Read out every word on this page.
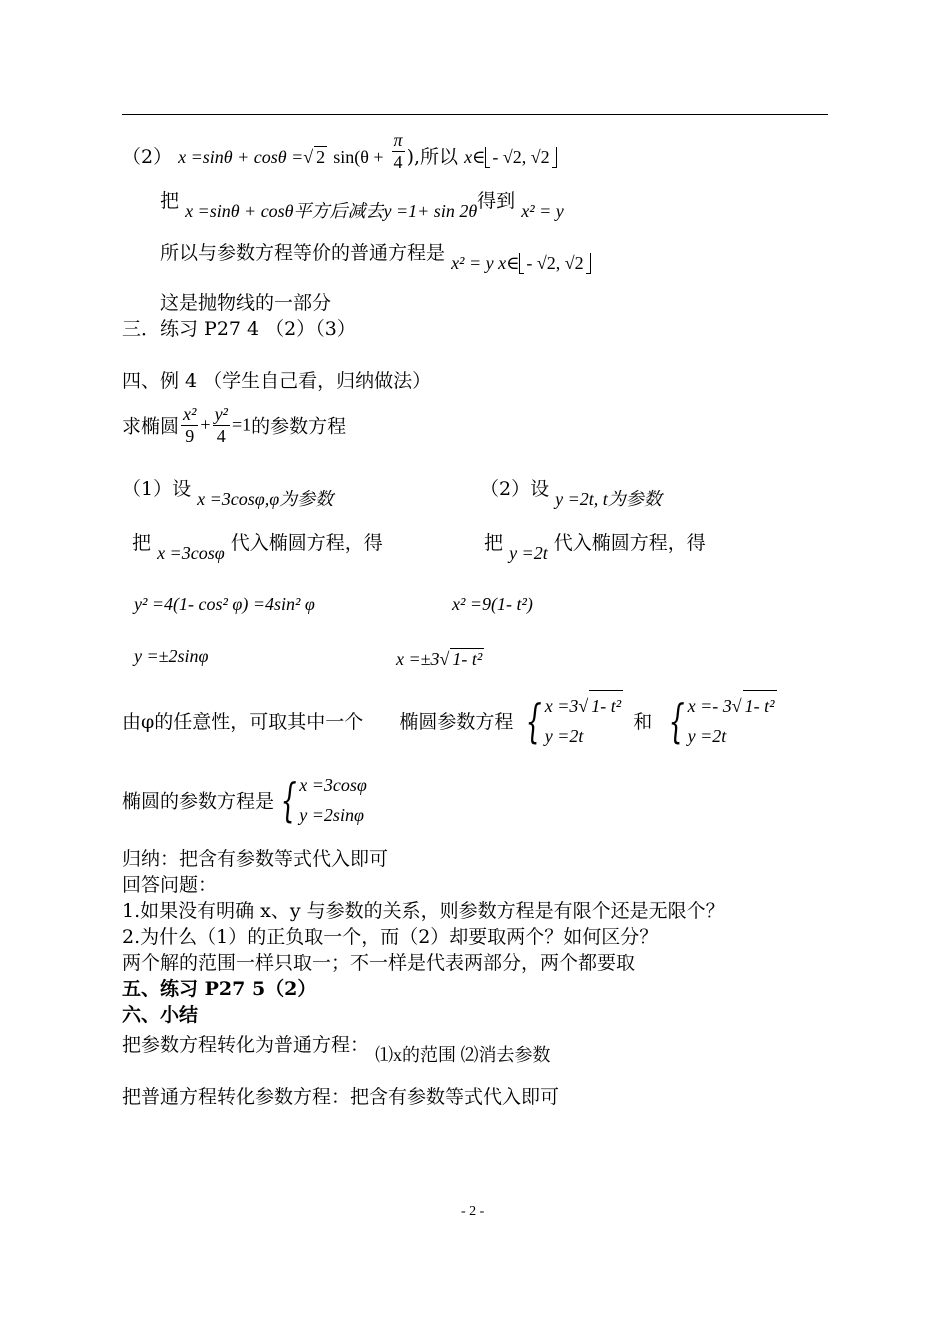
（2） x =sinθ + cosθ =√ 2 $\sin(\theta + \frac{\pi}{4}$ ),所以 x∈ - √2, √2
把 x =sinθ + cosθ平方后减去y =1+ sin 2θ得到 x² = y
所以与参数方程等价的普通方程是 x² = y x∈ - √2, √2
这是抛物线的一部分
三．练习 P27 4 （2）（3）
四、例 4 （学生自己看，归纳做法）
求椭圆 $\frac{\text{x²}}{9} + \frac{\text{y²}}{4} =1$的参数方程
（1）设 x =3cosφ,φ为参数	（2）设 y =2t, t为参数
把 x =3cosφ 代入椭圆方程，得	把 y =2t 代入椭圆方程，得
y² =4(1- cos² φ) =4sin² φ	x² =9(1- t²)
y =±2sinφ	x =±3√ 1- t²
由φ的任意性，可取其中一个 椭圆参数方程 { x =3√ 1- t²
y =2t
和 { x =- 3√ 1- t²
y =2t
椭圆的参数方程是 { x =3cosφ
y =2sinφ
归纳：把含有参数等式代入即可
回答问题：
1.如果没有明确 x、y 与参数的关系，则参数方程是有限个还是无限个？
2.为什么（1）的正负取一个，而（2）却要取两个？如何区分？
两个解的范围一样只取一；不一样是代表两部分，两个都要取
五、练习 P27 5（2）
六、小结
把参数方程转化为普通方程： ⑴x的范围 ⑵消去参数
把普通方程转化参数方程：把含有参数等式代入即可
- 2 -
